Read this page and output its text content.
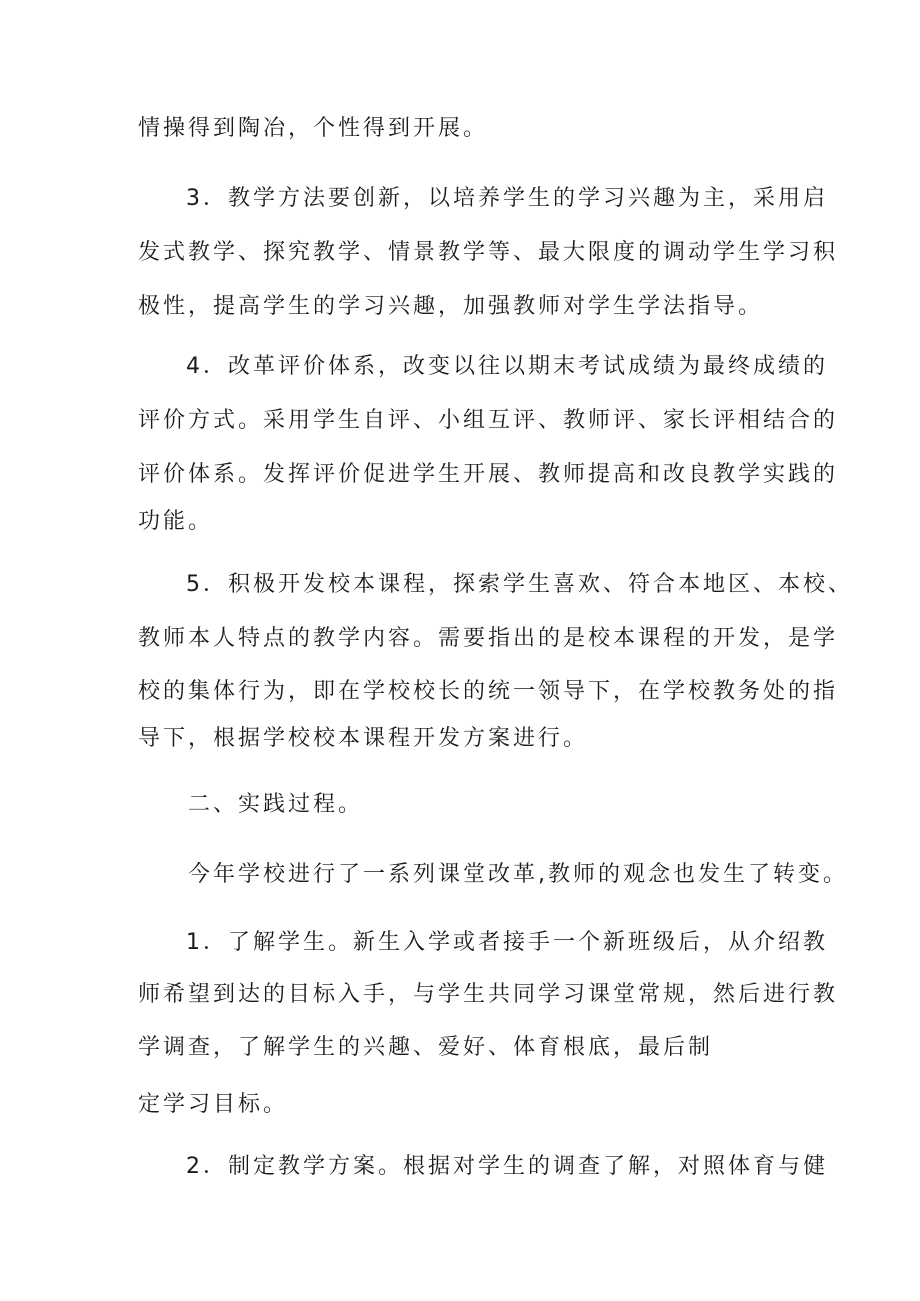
情操得到陶冶，个性得到开展。
3．教学方法要创新，以培养学生的学习兴趣为主，采用启
发式教学、探究教学、情景教学等、最大限度的调动学生学习积
极性，提高学生的学习兴趣，加强教师对学生学法指导。
4．改革评价体系，改变以往以期末考试成绩为最终成绩的
评价方式。采用学生自评、小组互评、教师评、家长评相结合的
评价体系。发挥评价促进学生开展、教师提高和改良教学实践的
功能。
5．积极开发校本课程，探索学生喜欢、符合本地区、本校、
教师本人特点的教学内容。需要指出的是校本课程的开发，是学
校的集体行为，即在学校校长的统一领导下，在学校教务处的指
导下，根据学校校本课程开发方案进行。
二、实践过程。
今年学校进行了一系列课堂改革,教师的观念也发生了转变。
1．了解学生。新生入学或者接手一个新班级后，从介绍教
师希望到达的目标入手，与学生共同学习课堂常规，然后进行教
学调查，了解学生的兴趣、爱好、体育根底，最后制
定学习目标。
2．制定教学方案。根据对学生的调查了解，对照体育与健
